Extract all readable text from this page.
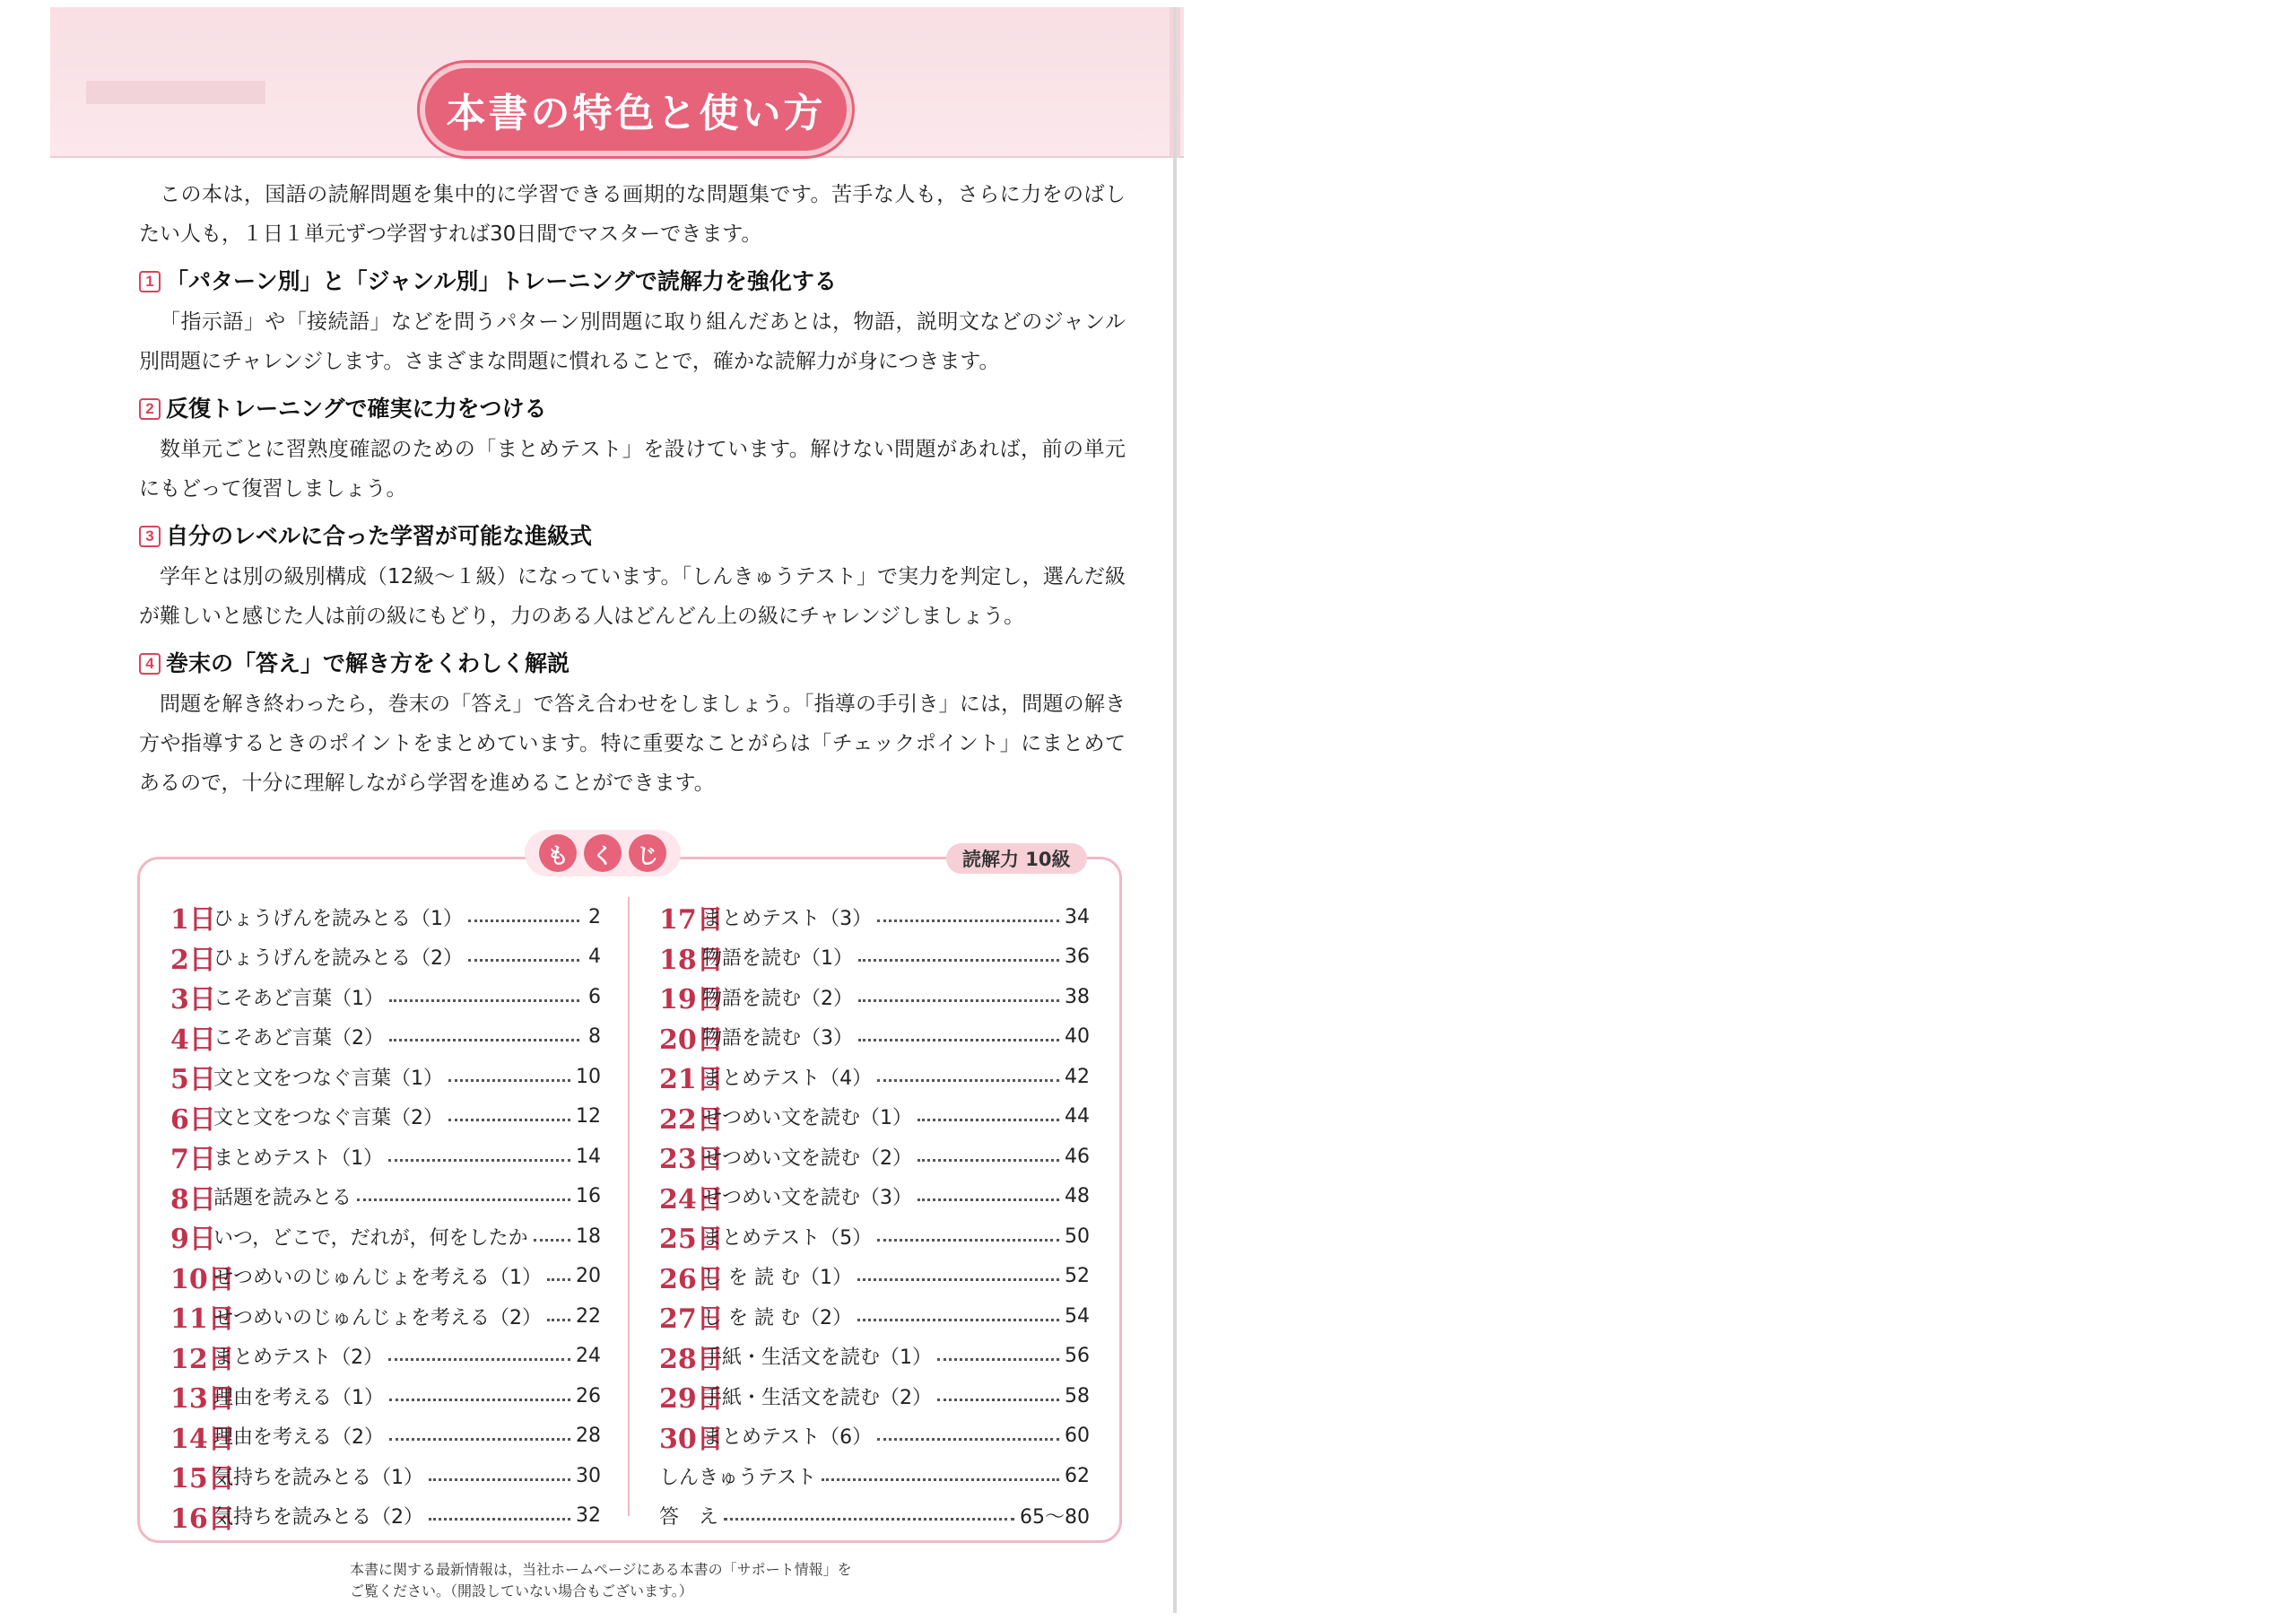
本書の特色と使い方

この本は，国語の読解問題を集中的に学習できる画期的な問題集です。苦手な人も，さらに力をのばしたい人も，１日１単元ずつ学習すれば30日間でマスターできます。

1 「パターン別」と「ジャンル別」トレーニングで読解力を強化する

「指示語」や「接続語」などを問うパターン別問題に取り組んだあとは，物語，説明文などのジャンル別問題にチャレンジします。さまざまな問題に慣れることで，確かな読解力が身につきます。

2 反復トレーニングで確実に力をつける

数単元ごとに習熟度確認のための「まとめテスト」を設けています。解けない問題があれば，前の単元にもどって復習しましょう。

3 自分のレベルに合った学習が可能な進級式

学年とは別の級別構成（12級～１級）になっています。「しんきゅうテスト」で実力を判定し，選んだ級が難しいと感じた人は前の級にもどり，力のある人はどんどん上の級にチャレンジしましょう。

4 巻末の「答え」で解き方をくわしく解説

問題を解き終わったら，巻末の「答え」で答え合わせをしましょう。「指導の手引き」には，問題の解き方や指導するときのポイントをまとめています。特に重要なことがらは「チェックポイント」にまとめてあるので，十分に理解しながら学習を進めることができます。

も	く	じ	読解力 10級
1日
ひょうげんを読みとる（1）	2
2日
ひょうげんを読みとる（2）	4
3日
こそあど言葉（1）	6
4日
こそあど言葉（2）	8
5日
文と文をつなぐ言葉（1）	10
6日
文と文をつなぐ言葉（2）	12
7日
まとめテスト（1）	14
8日
話題を読みとる	16
9日
いつ，どこで，だれが，何をしたか 18
10日
せつめいのじゅんじょを考える（1） 20
11日
せつめいのじゅんじょを考える（2） 22
12日
まとめテスト（2）	24
13日
理由を考える（1）	26
14日
理由を考える（2）	28
15日
気持ちを読みとる（1）	30
16日
気持ちを読みとる（2）	32
17日
まとめテスト（3）	34
18日
物語を読む（1）	36
19日
物語を読む（2）	38
20日
物語を読む（3）	40
21日
まとめテスト（4）	42
22日
せつめい文を読む（1）	44
23日
せつめい文を読む（2）	46
24日
せつめい文を読む（3）	48
25日
まとめテスト（5）	50
26日
し を 読 む（1）	52
27日
し を 読 む（2）	54
28日
手紙・生活文を読む（1）	56
29日
手紙・生活文を読む（2）	58
30日
まとめテスト（6）	60
しんきゅうテスト	62
答　え	65～80
本書に関する最新情報は，当社ホームページにある本書の「サポート情報」を
ご覧ください。（開設していない場合もございます。）
